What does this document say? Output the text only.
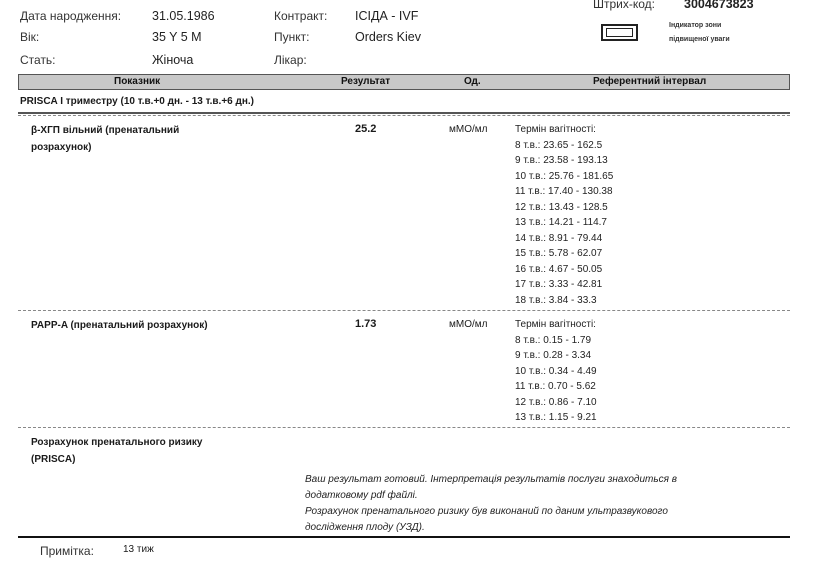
Дата народження: 31.05.1986
Вік:	35 Y 5 M
Стать:	Жіноча
Контракт: ICIДА - IVF
Пункт:	Orders Kiev
Лікар:
Штрих-код: 3004673823
Індикатор зони
підвищеної уваги
Показник	Результат	Од.	Референтний інтервал
PRISCA I триместру (10 т.в.+0 дн. - 13 т.в.+6 дн.)
β-ХГП вільний (пренатальний
розрахунок)
25.2	мМО/мл	Термін вагітності:
8 т.в.: 23.65 - 162.5
9 т.в.: 23.58 - 193.13
10 т.в.: 25.76 - 181.65
11 т.в.: 17.40 - 130.38
12 т.в.: 13.43 - 128.5
13 т.в.: 14.21 - 114.7
14 т.в.: 8.91 - 79.44
15 т.в.: 5.78 - 62.07
16 т.в.: 4.67 - 50.05
17 т.в.: 3.33 - 42.81
18 т.в.: 3.84 - 33.3
PAPP-A (пренатальний розрахунок)	1.73	мМО/мл	Термін вагітності:
8 т.в.: 0.15 - 1.79
9 т.в.: 0.28 - 3.34
10 т.в.: 0.34 - 4.49
11 т.в.: 0.70 - 5.62
12 т.в.: 0.86 - 7.10
13 т.в.: 1.15 - 9.21
Розрахунок пренатального ризику
(PRISCA)
Ваш результат готовий. Інтерпретація результатів послуги знаходиться в
додатковому pdf файлі.
Розрахунок пренатального ризику був виконаний по даним ультразвукового
дослідження плоду (УЗД).
Примітка:	13 тиж
